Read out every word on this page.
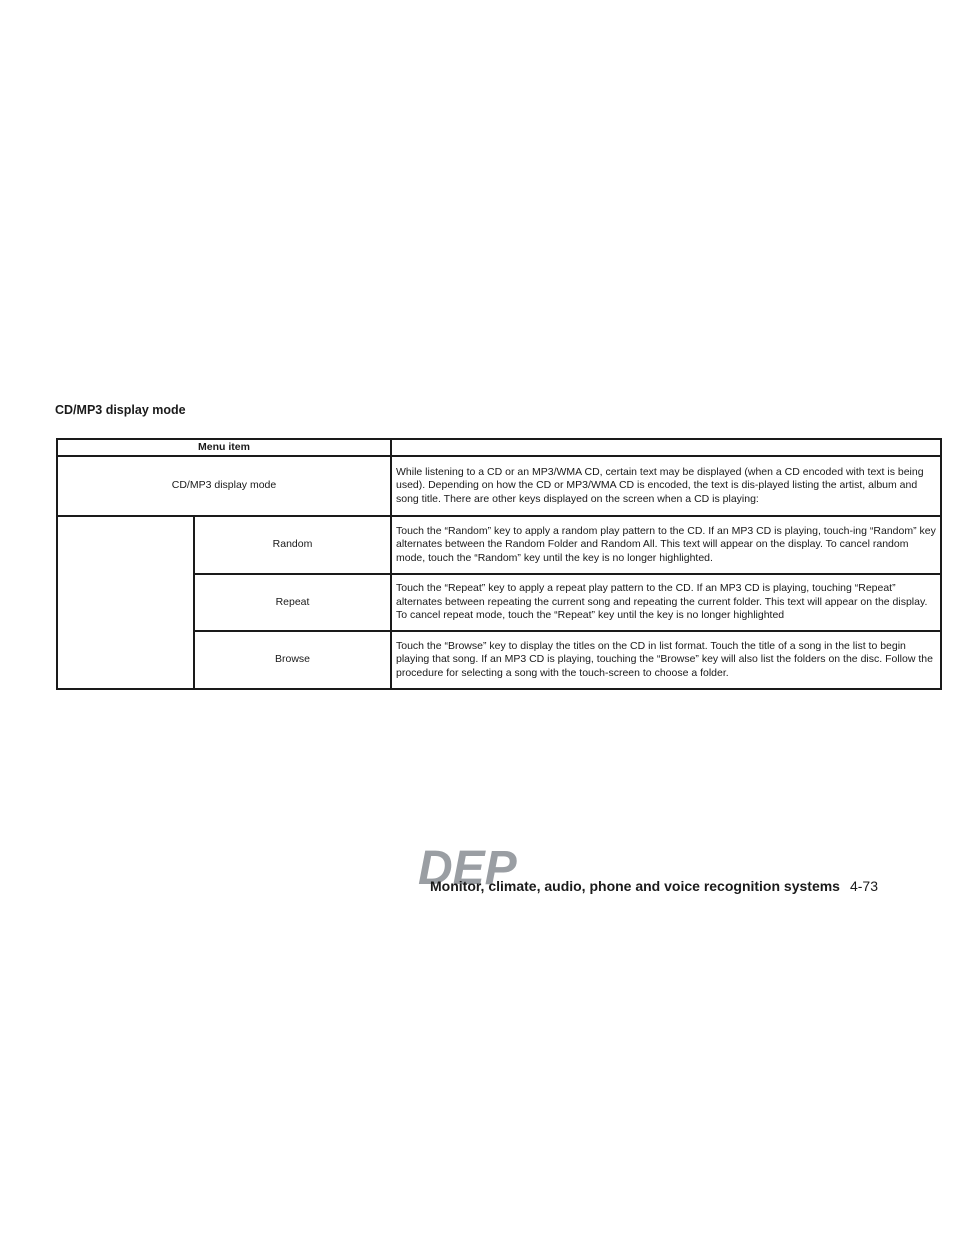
CD/MP3 display mode
Menu item		
CD/MP3 display mode		While listening to a CD or an MP3/WMA CD, certain text may be displayed (when a CD encoded with text is being used). Depending on how the CD or MP3/WMA CD is encoded, the text is dis-played listing the artist, album and song title. There are other keys displayed on the screen when a CD is playing:
	Random	Touch the “Random” key to apply a random play pattern to the CD. If an MP3 CD is playing, touch-ing “Random” key alternates between the Random Folder and Random All. This text will appear on the display. To cancel random mode, touch the “Random” key until the key is no longer highlighted.
	Repeat	Touch the “Repeat” key to apply a repeat play pattern to the CD. If an MP3 CD is playing, touching “Repeat” alternates between repeating the current song and repeating the current folder. This text will appear on the display. To cancel repeat mode, touch the “Repeat” key until the key is no longer highlighted
	Browse	Touch the “Browse” key to display the titles on the CD in list format. Touch the title of a song in the list to begin playing that song. If an MP3 CD is playing, touching the “Browse” key will also list the folders on the disc. Follow the procedure for selecting a song with the touch-screen to choose a folder.
DEP
Monitor, climate, audio, phone and voice recognition systems 4-73
